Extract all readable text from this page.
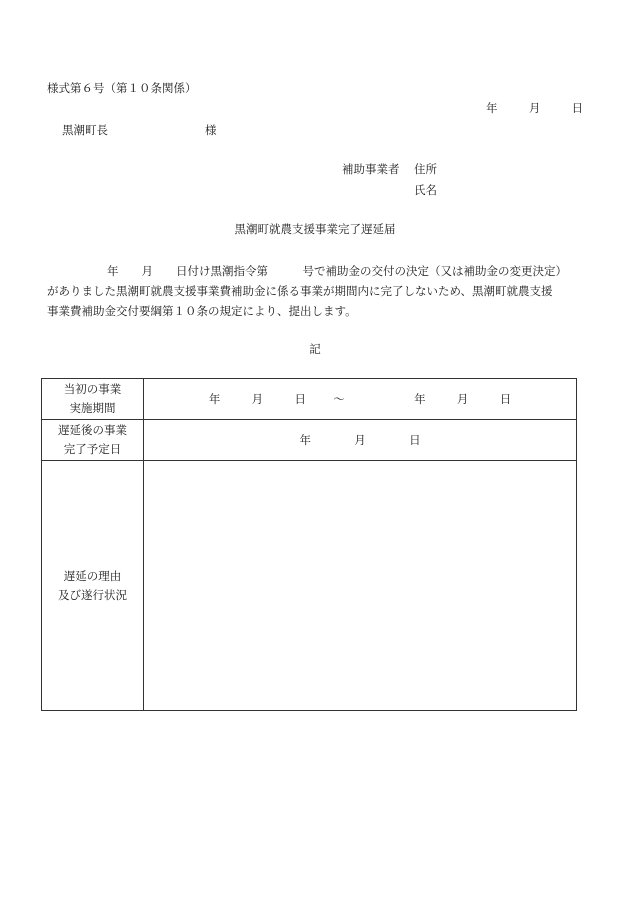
様式第６号（第１０条関係）
年	月	日
黒潮町長	様
補助事業者 住所
氏名
黒潮町就農支援事業完了遅延届
年　　月　　日付け黒潮指令第　　　号で補助金の交付の決定（又は補助金の変更決定）
がありました黒潮町就農支援事業費補助金に係る事業が期間内に完了しないため、黒潮町就農支援
事業費補助金交付要綱第１０条の規定により、提出します。
記
当初の事業
実施期間	年 月 日 ～ 年 月 日

遅延後の事業
完了予定日	年 月 日

遅延の理由
及び遂行状況	
